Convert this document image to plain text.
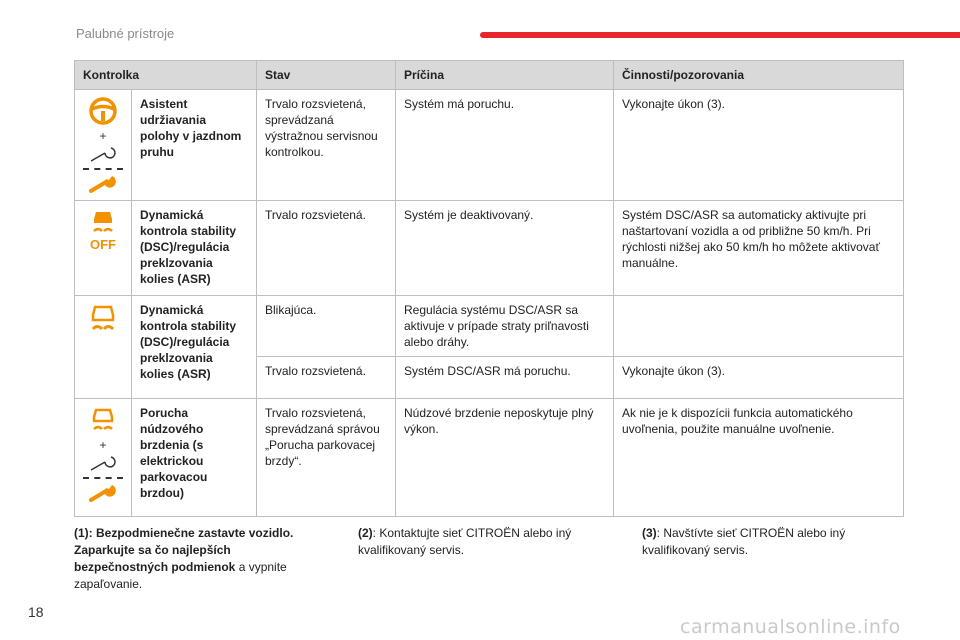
Palubné prístroje
Kontrolka		Stav	Príčina	Činnosti/pozorovania

+	Asistent udržiavania polohy v jazdnom pruhu	Trvalo rozsvietená, sprevádzaná výstražnou servisnou kontrolkou.	Systém má poruchu.	Vykonajte úkon (3).

OFF	Dynamická kontrola stability (DSC)/regulácia preklzovania kolies (ASR)	Trvalo rozsvietená.	Systém je deaktivovaný.	Systém DSC/ASR sa automaticky aktivujte pri naštartovaní vozidla a od približne 50 km/h. Pri rýchlosti nižšej ako 50 km/h ho môžete aktivovať manuálne.

	Dynamická kontrola stability (DSC)/regulácia preklzovania kolies (ASR)	Blikajúca.	Regulácia systému DSC/ASR sa aktivuje v prípade straty priľnavosti alebo dráhy.	
		Trvalo rozsvietená.	Systém DSC/ASR má poruchu.	Vykonajte úkon (3).

+	Porucha núdzového brzdenia (s elektrickou parkovacou brzdou)	Trvalo rozsvietená, sprevádzaná správou „Porucha parkovacej brzdy“.	Núdzové brzdenie neposkytuje plný výkon.	Ak nie je k dispozícii funkcia automatického uvoľnenia, použite manuálne uvoľnenie.
(1): Bezpodmienečne zastavte vozidlo. Zaparkujte sa čo najlepších bezpečnostných podmienok a vypnite zapaľovanie.
(2): Kontaktujte sieť CITROËN alebo iný kvalifikovaný servis.
(3): Navštívte sieť CITROËN alebo iný kvalifikovaný servis.
18
carmanualsonline.info
